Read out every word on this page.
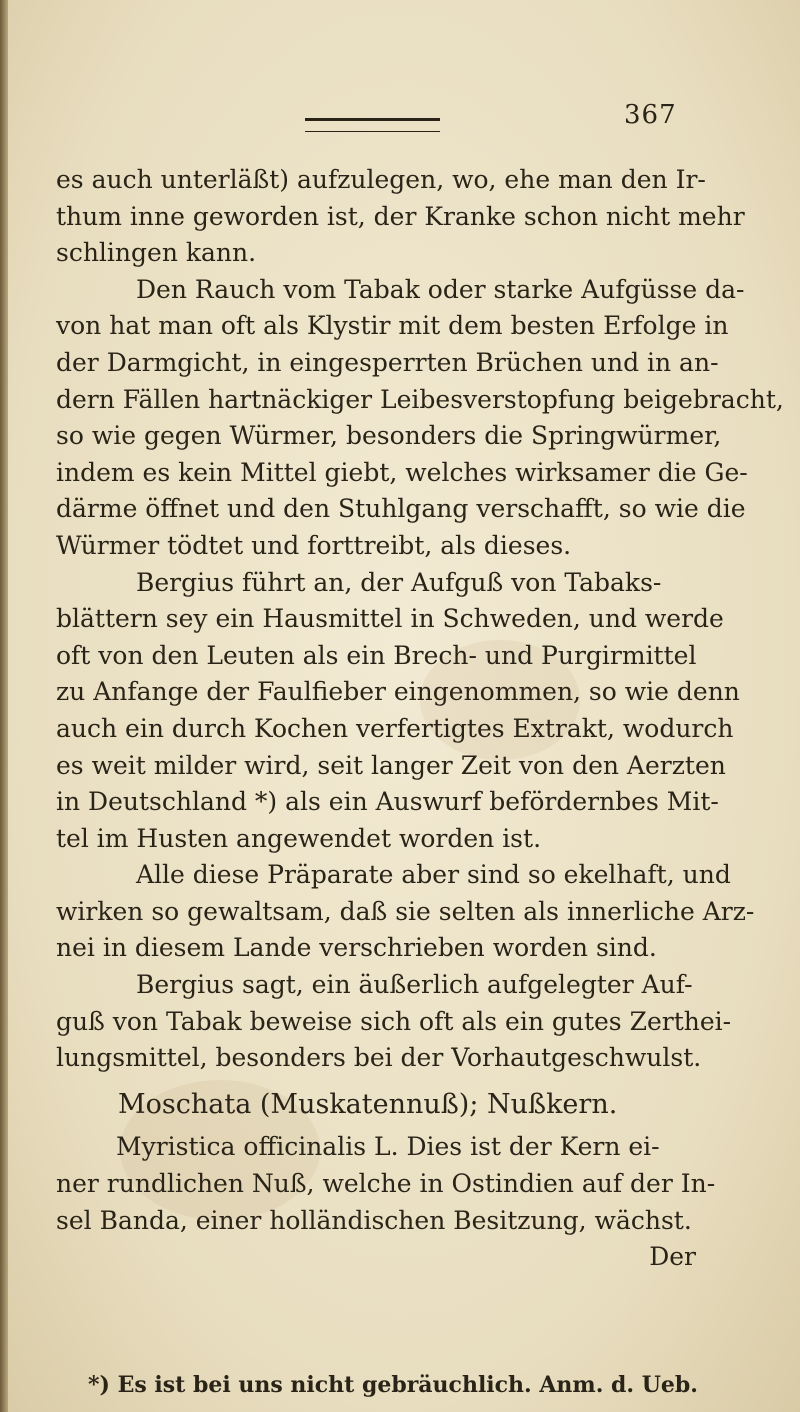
367
es auch unterläßt) aufzulegen, wo, ehe man den Ir-
thum inne geworden ist, der Kranke schon nicht mehr
schlingen kann.
Den Rauch vom Tabak oder starke Aufgüsse da-
von hat man oft als Klystir mit dem besten Erfolge in
der Darmgicht, in eingesperrten Brüchen und in an-
dern Fällen hartnäckiger Leibesverstopfung beigebracht,
so wie gegen Würmer, besonders die Springwürmer,
indem es kein Mittel giebt, welches wirksamer die Ge-
därme öffnet und den Stuhlgang verschafft, so wie die
Würmer tödtet und forttreibt, als dieses.
Bergius führt an, der Aufguß von Tabaks-
blättern sey ein Hausmittel in Schweden, und werde
oft von den Leuten als ein Brech- und Purgirmittel
zu Anfange der Faulfieber eingenommen, so wie denn
auch ein durch Kochen verfertigtes Extrakt, wodurch
es weit milder wird, seit langer Zeit von den Aerzten
in Deutschland *) als ein Auswurf befördernbes Mit-
tel im Husten angewendet worden ist.
Alle diese Präparate aber sind so ekelhaft, und
wirken so gewaltsam, daß sie selten als innerliche Arz-
nei in diesem Lande verschrieben worden sind.
Bergius sagt, ein äußerlich aufgelegter Auf-
guß von Tabak beweise sich oft als ein gutes Zerthei-
lungsmittel, besonders bei der Vorhautgeschwulst.
Moschata (Muskatennuß); Nußkern.
Myristica officinalis L. Dies ist der Kern ei-
ner rundlichen Nuß, welche in Ostindien auf der In-
sel Banda, einer holländischen Besitzung, wächst.
Der
*) Es ist bei uns nicht gebräuchlich. Anm. d. Ueb.
